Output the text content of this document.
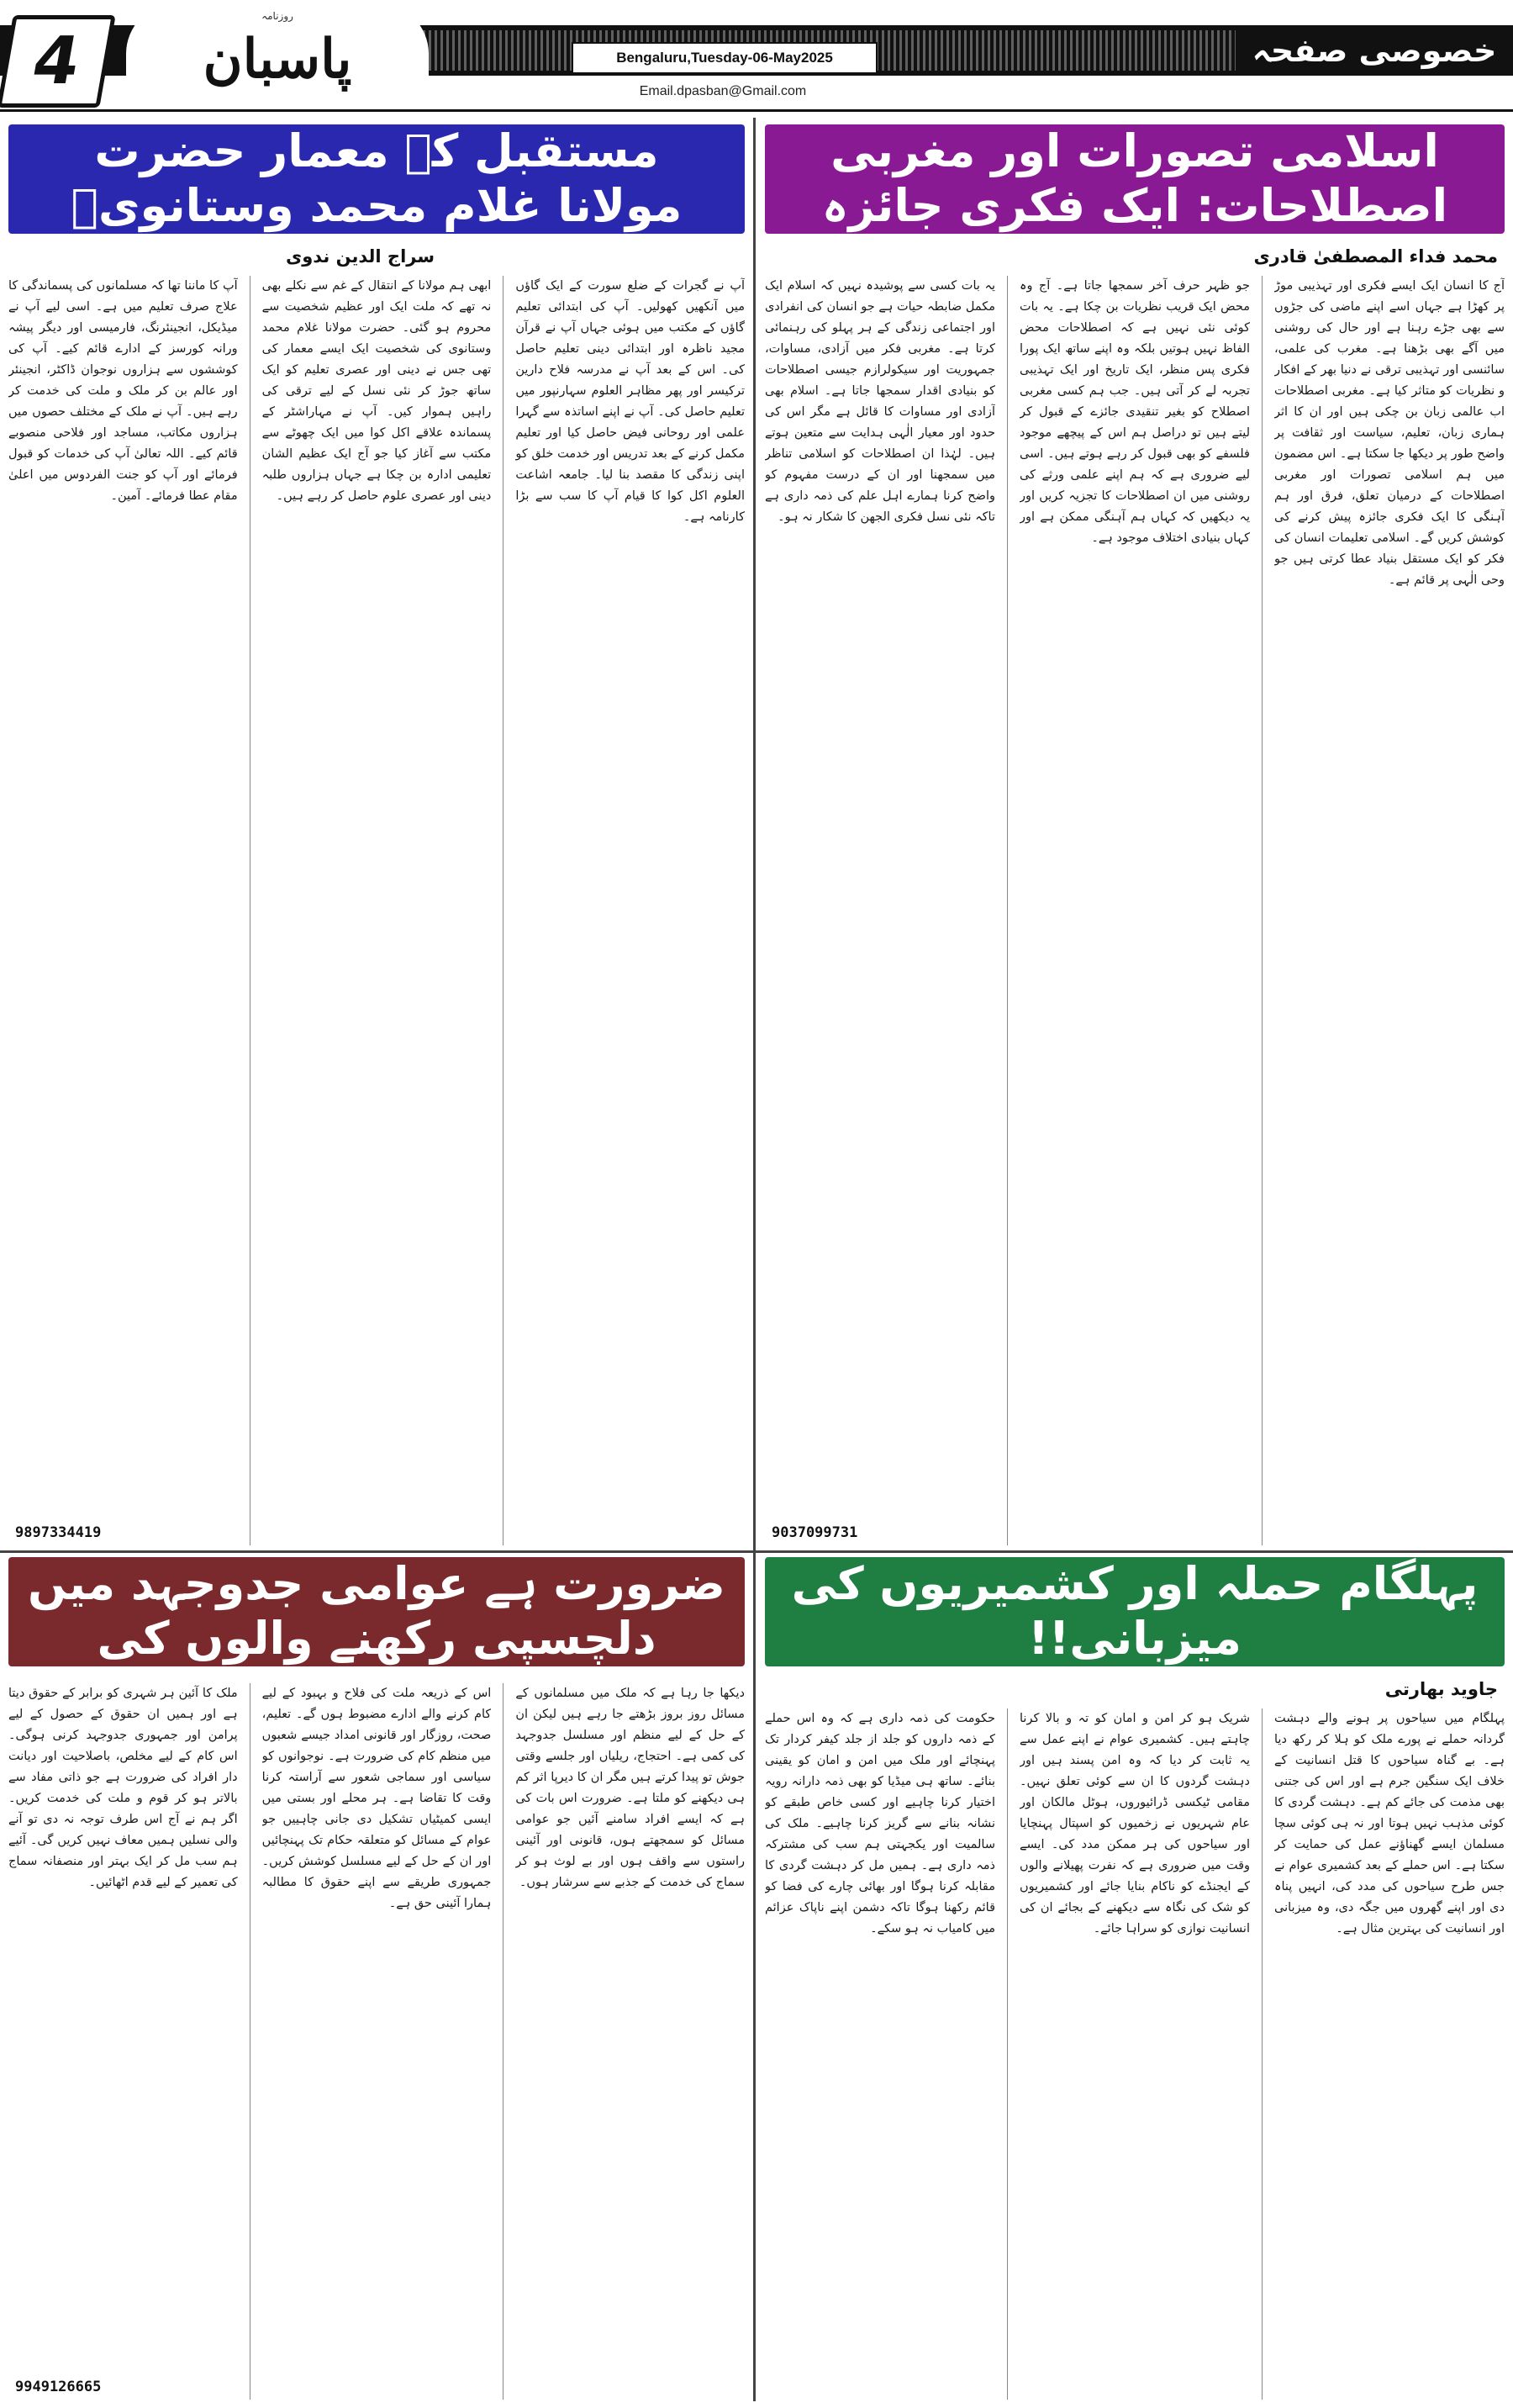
4
روزنامہ
پاسبان	Bengaluru,Tuesday-06-May2025
Email.dpasban@Gmail.com
خصوصی صفحہ
اسلامی تصورات اور مغربی اصطلاحات: ایک فکری جائزہ
محمد فداء المصطفیٰ قادری
آج کا انسان ایک ایسے فکری اور تہذیبی موڑ پر کھڑا ہے جہاں اسے اپنے ماضی کی جڑوں سے بھی جڑے رہنا ہے اور حال کی روشنی میں آگے بھی بڑھنا ہے۔ مغرب کی علمی، سائنسی اور تہذیبی ترقی نے دنیا بھر کے افکار و نظریات کو متاثر کیا ہے۔ مغربی اصطلاحات اب عالمی زبان بن چکی ہیں اور ان کا اثر ہماری زبان، تعلیم، سیاست اور ثقافت پر واضح طور پر دیکھا جا سکتا ہے۔ اس مضمون میں ہم اسلامی تصورات اور مغربی اصطلاحات کے درمیان تعلق، فرق اور ہم آہنگی کا ایک فکری جائزہ پیش کرنے کی کوشش کریں گے۔ اسلامی تعلیمات انسان کی فکر کو ایک مستقل بنیاد عطا کرتی ہیں جو وحی الٰہی پر قائم ہے۔
جو ظہر حرف آخر سمجھا جاتا ہے۔ آج وہ محض ایک قریب نظریات بن چکا ہے۔ یہ بات کوئی نئی نہیں ہے کہ اصطلاحات محض الفاظ نہیں ہوتیں بلکہ وہ اپنے ساتھ ایک پورا فکری پس منظر، ایک تاریخ اور ایک تہذیبی تجربہ لے کر آتی ہیں۔ جب ہم کسی مغربی اصطلاح کو بغیر تنقیدی جائزے کے قبول کر لیتے ہیں تو دراصل ہم اس کے پیچھے موجود فلسفے کو بھی قبول کر رہے ہوتے ہیں۔ اسی لیے ضروری ہے کہ ہم اپنے علمی ورثے کی روشنی میں ان اصطلاحات کا تجزیہ کریں اور یہ دیکھیں کہ کہاں ہم آہنگی ممکن ہے اور کہاں بنیادی اختلاف موجود ہے۔
یہ بات کسی سے پوشیدہ نہیں کہ اسلام ایک مکمل ضابطہ حیات ہے جو انسان کی انفرادی اور اجتماعی زندگی کے ہر پہلو کی رہنمائی کرتا ہے۔ مغربی فکر میں آزادی، مساوات، جمہوریت اور سیکولرازم جیسی اصطلاحات کو بنیادی اقدار سمجھا جاتا ہے۔ اسلام بھی آزادی اور مساوات کا قائل ہے مگر اس کی حدود اور معیار الٰہی ہدایت سے متعین ہوتے ہیں۔ لہٰذا ان اصطلاحات کو اسلامی تناظر میں سمجھنا اور ان کے درست مفہوم کو واضح کرنا ہمارے اہل علم کی ذمہ داری ہے تاکہ نئی نسل فکری الجھن کا شکار نہ ہو۔
9037099731
مستقبل کے معمار حضرت مولانا غلام محمد وستانویؒ
سراج الدین ندوی
آپ نے گجرات کے ضلع سورت کے ایک گاؤں میں آنکھیں کھولیں۔ آپ کی ابتدائی تعلیم گاؤں کے مکتب میں ہوئی جہاں آپ نے قرآن مجید ناظرہ اور ابتدائی دینی تعلیم حاصل کی۔ اس کے بعد آپ نے مدرسہ فلاح دارین ترکیسر اور پھر مظاہر العلوم سہارنپور میں تعلیم حاصل کی۔ آپ نے اپنے اساتذہ سے گہرا علمی اور روحانی فیض حاصل کیا اور تعلیم مکمل کرنے کے بعد تدریس اور خدمت خلق کو اپنی زندگی کا مقصد بنا لیا۔ جامعہ اشاعت العلوم اکل کوا کا قیام آپ کا سب سے بڑا کارنامہ ہے۔
ابھی ہم مولانا کے انتقال کے غم سے نکلے بھی نہ تھے کہ ملت ایک اور عظیم شخصیت سے محروم ہو گئی۔ حضرت مولانا غلام محمد وستانوی کی شخصیت ایک ایسے معمار کی تھی جس نے دینی اور عصری تعلیم کو ایک ساتھ جوڑ کر نئی نسل کے لیے ترقی کی راہیں ہموار کیں۔ آپ نے مہاراشٹر کے پسماندہ علاقے اکل کوا میں ایک چھوٹے سے مکتب سے آغاز کیا جو آج ایک عظیم الشان تعلیمی ادارہ بن چکا ہے جہاں ہزاروں طلبہ دینی اور عصری علوم حاصل کر رہے ہیں۔
آپ کا ماننا تھا کہ مسلمانوں کی پسماندگی کا علاج صرف تعلیم میں ہے۔ اسی لیے آپ نے میڈیکل، انجینئرنگ، فارمیسی اور دیگر پیشہ ورانہ کورسز کے ادارے قائم کیے۔ آپ کی کوششوں سے ہزاروں نوجوان ڈاکٹر، انجینئر اور عالم بن کر ملک و ملت کی خدمت کر رہے ہیں۔ آپ نے ملک کے مختلف حصوں میں ہزاروں مکاتب، مساجد اور فلاحی منصوبے قائم کیے۔ اللہ تعالیٰ آپ کی خدمات کو قبول فرمائے اور آپ کو جنت الفردوس میں اعلیٰ مقام عطا فرمائے۔ آمین۔
9897334419
پہلگام حملہ اور کشمیریوں کی میزبانی!!
جاوید بھارتی
پہلگام میں سیاحوں پر ہونے والے دہشت گردانہ حملے نے پورے ملک کو ہلا کر رکھ دیا ہے۔ بے گناہ سیاحوں کا قتل انسانیت کے خلاف ایک سنگین جرم ہے اور اس کی جتنی بھی مذمت کی جائے کم ہے۔ دہشت گردی کا کوئی مذہب نہیں ہوتا اور نہ ہی کوئی سچا مسلمان ایسے گھناؤنے عمل کی حمایت کر سکتا ہے۔ اس حملے کے بعد کشمیری عوام نے جس طرح سیاحوں کی مدد کی، انہیں پناہ دی اور اپنے گھروں میں جگہ دی، وہ میزبانی اور انسانیت کی بہترین مثال ہے۔
شریک ہو کر امن و امان کو تہ و بالا کرنا چاہتے ہیں۔ کشمیری عوام نے اپنے عمل سے یہ ثابت کر دیا کہ وہ امن پسند ہیں اور دہشت گردوں کا ان سے کوئی تعلق نہیں۔ مقامی ٹیکسی ڈرائیوروں، ہوٹل مالکان اور عام شہریوں نے زخمیوں کو اسپتال پہنچایا اور سیاحوں کی ہر ممکن مدد کی۔ ایسے وقت میں ضروری ہے کہ نفرت پھیلانے والوں کے ایجنڈے کو ناکام بنایا جائے اور کشمیریوں کو شک کی نگاہ سے دیکھنے کے بجائے ان کی انسانیت نوازی کو سراہا جائے۔
حکومت کی ذمہ داری ہے کہ وہ اس حملے کے ذمہ داروں کو جلد از جلد کیفر کردار تک پہنچائے اور ملک میں امن و امان کو یقینی بنائے۔ ساتھ ہی میڈیا کو بھی ذمہ دارانہ رویہ اختیار کرنا چاہیے اور کسی خاص طبقے کو نشانہ بنانے سے گریز کرنا چاہیے۔ ملک کی سالمیت اور یکجہتی ہم سب کی مشترکہ ذمہ داری ہے۔ ہمیں مل کر دہشت گردی کا مقابلہ کرنا ہوگا اور بھائی چارے کی فضا کو قائم رکھنا ہوگا تاکہ دشمن اپنے ناپاک عزائم میں کامیاب نہ ہو سکے۔
ضرورت ہے عوامی جدوجہد میں دلچسپی رکھنے والوں کی
دیکھا جا رہا ہے کہ ملک میں مسلمانوں کے مسائل روز بروز بڑھتے جا رہے ہیں لیکن ان کے حل کے لیے منظم اور مسلسل جدوجہد کی کمی ہے۔ احتجاج، ریلیاں اور جلسے وقتی جوش تو پیدا کرتے ہیں مگر ان کا دیرپا اثر کم ہی دیکھنے کو ملتا ہے۔ ضرورت اس بات کی ہے کہ ایسے افراد سامنے آئیں جو عوامی مسائل کو سمجھتے ہوں، قانونی اور آئینی راستوں سے واقف ہوں اور بے لوث ہو کر سماج کی خدمت کے جذبے سے سرشار ہوں۔
اس کے ذریعہ ملت کی فلاح و بہبود کے لیے کام کرنے والے ادارے مضبوط ہوں گے۔ تعلیم، صحت، روزگار اور قانونی امداد جیسے شعبوں میں منظم کام کی ضرورت ہے۔ نوجوانوں کو سیاسی اور سماجی شعور سے آراستہ کرنا وقت کا تقاضا ہے۔ ہر محلے اور بستی میں ایسی کمیٹیاں تشکیل دی جانی چاہییں جو عوام کے مسائل کو متعلقہ حکام تک پہنچائیں اور ان کے حل کے لیے مسلسل کوشش کریں۔ جمہوری طریقے سے اپنے حقوق کا مطالبہ ہمارا آئینی حق ہے۔
ملک کا آئین ہر شہری کو برابر کے حقوق دیتا ہے اور ہمیں ان حقوق کے حصول کے لیے پرامن اور جمہوری جدوجہد کرنی ہوگی۔ اس کام کے لیے مخلص، باصلاحیت اور دیانت دار افراد کی ضرورت ہے جو ذاتی مفاد سے بالاتر ہو کر قوم و ملت کی خدمت کریں۔ اگر ہم نے آج اس طرف توجہ نہ دی تو آنے والی نسلیں ہمیں معاف نہیں کریں گی۔ آئیے ہم سب مل کر ایک بہتر اور منصفانہ سماج کی تعمیر کے لیے قدم اٹھائیں۔
9949126665
